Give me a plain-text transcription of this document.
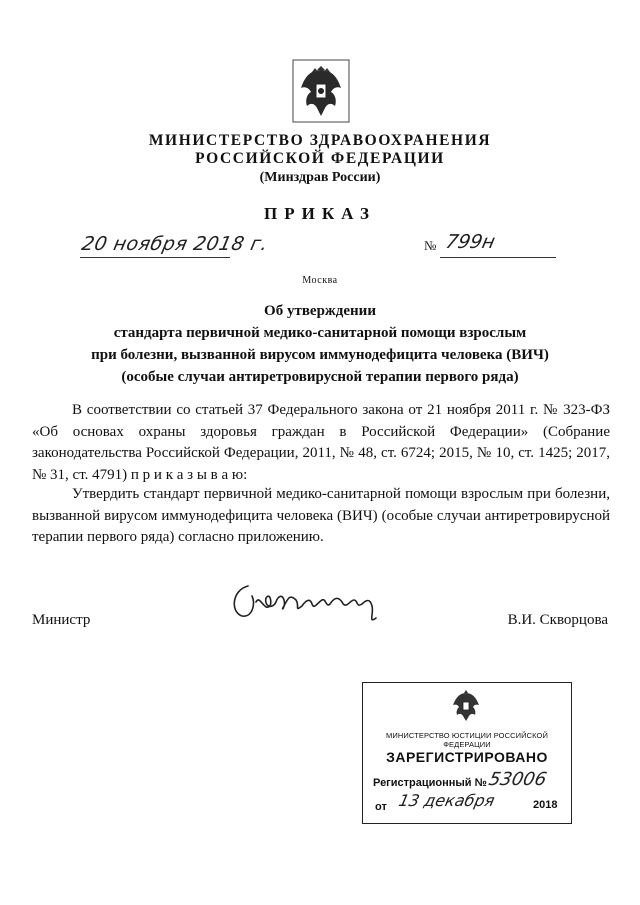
МИНИСТЕРСТВО ЗДРАВООХРАНЕНИЯ
РОССИЙСКОЙ ФЕДЕРАЦИИ
(Минздрав России)
ПРИКАЗ
20 ноября 2018 г.	№ 799н
Москва
Об утверждении
стандарта первичной медико-санитарной помощи взрослым
при болезни, вызванной вирусом иммунодефицита человека (ВИЧ)
(особые случаи антиретровирусной терапии первого ряда)
В соответствии со статьей 37 Федерального закона от 21 ноября 2011 г. № 323-ФЗ «Об основах охраны здоровья граждан в Российской Федерации» (Собрание законодательства Российской Федерации, 2011, № 48, ст. 6724; 2015, № 10, ст. 1425; 2017, № 31, ст. 4791) п р и к а з ы в а ю:
Утвердить стандарт первичной медико-санитарной помощи взрослым при болезни, вызванной вирусом иммунодефицита человека (ВИЧ) (особые случаи антиретровирусной терапии первого ряда) согласно приложению.
Министр	В.И. Скворцова
МИНИСТЕРСТВО ЮСТИЦИИ РОССИЙСКОЙ ФЕДЕРАЦИИ
ЗАРЕГИСТРИРОВАНО
Регистрационный № 53006
от 13 декабря	2018
